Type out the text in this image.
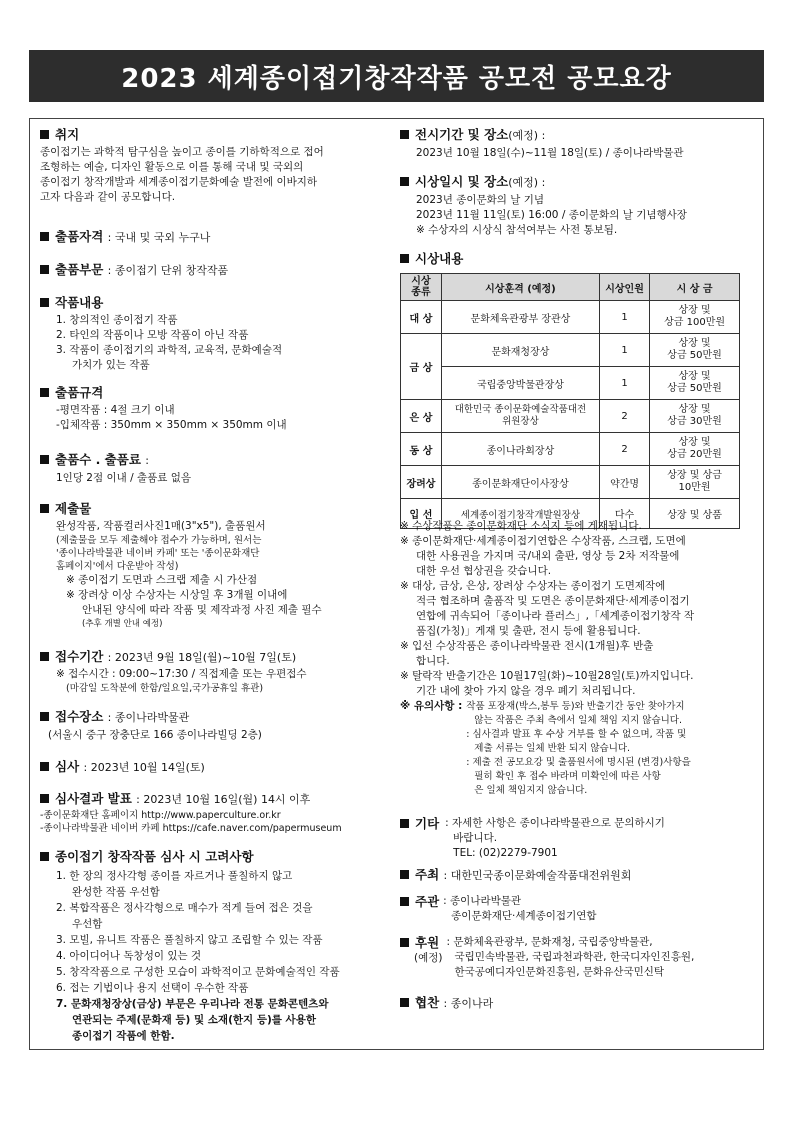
2023 세계종이접기창작작품 공모전 공모요강
취지
종이접기는 과학적 탐구심을 높이고 종이를 기하학적으로 접어
조형하는 예술, 디자인 활동으로 이를 통해 국내 및 국외의
종이접기 창작개발과 세계종이접기문화예술 발전에 이바지하
고자 다음과 같이 공모합니다.
출품자격 : 국내 및 국외 누구나
출품부문 : 종이접기 단위 창작작품
작품내용
1. 창의적인 종이접기 작품
2. 타인의 작품이나 모방 작품이 아닌 작품
3. 작품이 종이접기의 과학적, 교육적, 문화예술적
가치가 있는 작품
출품규격
-평면작품 : 4절 크기 이내
-입체작품 : 350mm × 350mm × 350mm 이내
출품수 . 출품료 :
1인당 2점 이내 / 출품료 없음
제출물
완성작품, 작품컬러사진1매(3"x5"), 출품원서
(제출물을 모두 제출해야 접수가 가능하며, 원서는
'종이나라박물관 네이버 카페' 또는 '종이문화재단
홈페이지'에서 다운받아 작성)
※ 종이접기 도면과 스크랩 제출 시 가산점
※ 장려상 이상 수상자는 시상일 후 3개월 이내에
안내된 양식에 따라 작품 및 제작과정 사진 제출 필수
(추후 개별 안내 예정)
접수기간 : 2023년 9월 18일(월)~10월 7일(토)
※ 접수시간 : 09:00~17:30 / 직접제출 또는 우편접수
(마감일 도착분에 한함/일요일,국가공휴일 휴관)
접수장소 : 종이나라박물관
(서울시 중구 장충단로 166 종이나라빌딩 2층)
심사 : 2023년 10월 14일(토)
심사결과 발표 : 2023년 10월 16일(월) 14시 이후
-종이문화재단 홈페이지 http://www.paperculture.or.kr
-종이나라박물관 네이버 카페 https://cafe.naver.com/papermuseum
종이접기 창작작품 심사 시 고려사항
1. 한 장의 정사각형 종이를 자르거나 풀칠하지 않고
완성한 작품 우선함
2. 복합작품은 정사각형으로 매수가 적게 들여 접은 것을
우선함
3. 모빌, 유니트 작품은 풀칠하지 않고 조립할 수 있는 작품
4. 아이디어나 독창성이 있는 것
5. 창작작품으로 구성한 모습이 과학적이고 문화예술적인 작품
6. 접는 기법이나 용지 선택이 우수한 작품
7. 문화재청장상(금상) 부문은 우리나라 전통 문화콘텐츠와
연관되는 주제(문화재 등) 및 소재(한지 등)를 사용한
종이접기 작품에 한함.
전시기간 및 장소(예정) :
2023년 10월 18일(수)~11월 18일(토) / 종이나라박물관
시상일시 및 장소(예정) :
2023년 종이문화의 날 기념
2023년 11월 11일(토) 16:00 / 종이문화의 날 기념행사장
※ 수상자의 시상식 참석여부는 사전 통보됨.
시상내용
시상
종류	시상훈격 (예정)	시상인원	시 상 금
대 상	문화체육관광부 장관상	1	상장 및
상금 100만원
금 상	문화재청장상	1	상장 및
상금 50만원
	국립중앙박물관장상	1	상장 및
상금 50만원
은 상	대한민국 종이문화예술작품대전
위원장상	2	상장 및
상금 30만원
동 상	종이나라회장상	2	상장 및
상금 20만원
장려상	종이문화재단이사장상	약간명	상장 및 상금
10만원
입 선	세계종이접기창작개발원장상	다수	상장 및 상품
※ 수상작품은 종이문화재단 소식지 등에 게재됩니다.
※ 종이문화재단·세계종이접기연합은 수상작품, 스크랩, 도면에
대한 사용권을 가지며 국/내외 출판, 영상 등 2차 저작물에
대한 우선 협상권을 갖습니다.
※ 대상, 금상, 은상, 장려상 수상자는 종이접기 도면제작에
적극 협조하며 출품작 및 도면은 종이문화재단·세계종이접기
연합에 귀속되어「종이나라 플러스」,「세계종이접기창작 작
품집(가칭)」게재 및 출판, 전시 등에 활용됩니다.
※ 입선 수상작품은 종이나라박물관 전시(1개월)후 반출
합니다.
※ 탈락작 반출기간은 10월17일(화)~10월28일(토)까지입니다.
기간 내에 찾아 가지 않을 경우 폐기 처리됩니다.
※ 유의사항 : 작품 포장재(박스,봉투 등)와 반출기간 동안 찾아가지
않는 작품은 주최 측에서 일체 책임 지지 않습니다.
: 심사결과 발표 후 수상 거부를 할 수 없으며, 작품 및
제출 서류는 일체 반환 되지 않습니다.
: 제출 전 공모요강 및 출품원서에 명시된 (변경)사항을
필히 확인 후 접수 바라며 미확인에 따른 사항
은 일체 책임지지 않습니다.
기타 : 자세한 사항은 종이나라박물관으로 문의하시기
바랍니다.
TEL: (02)2279-7901
주최 : 대한민국종이문화예술작품대전위원회
주관 : 종이나라박물관
종이문화재단·세계종이접기연합
후원
(예정)
: 문화체육관광부, 문화재청, 국립중앙박물관,
국립민속박물관, 국립과천과학관, 한국디자인진흥원,
한국공예디자인문화진흥원, 문화유산국민신탁
협찬 : 종이나라
